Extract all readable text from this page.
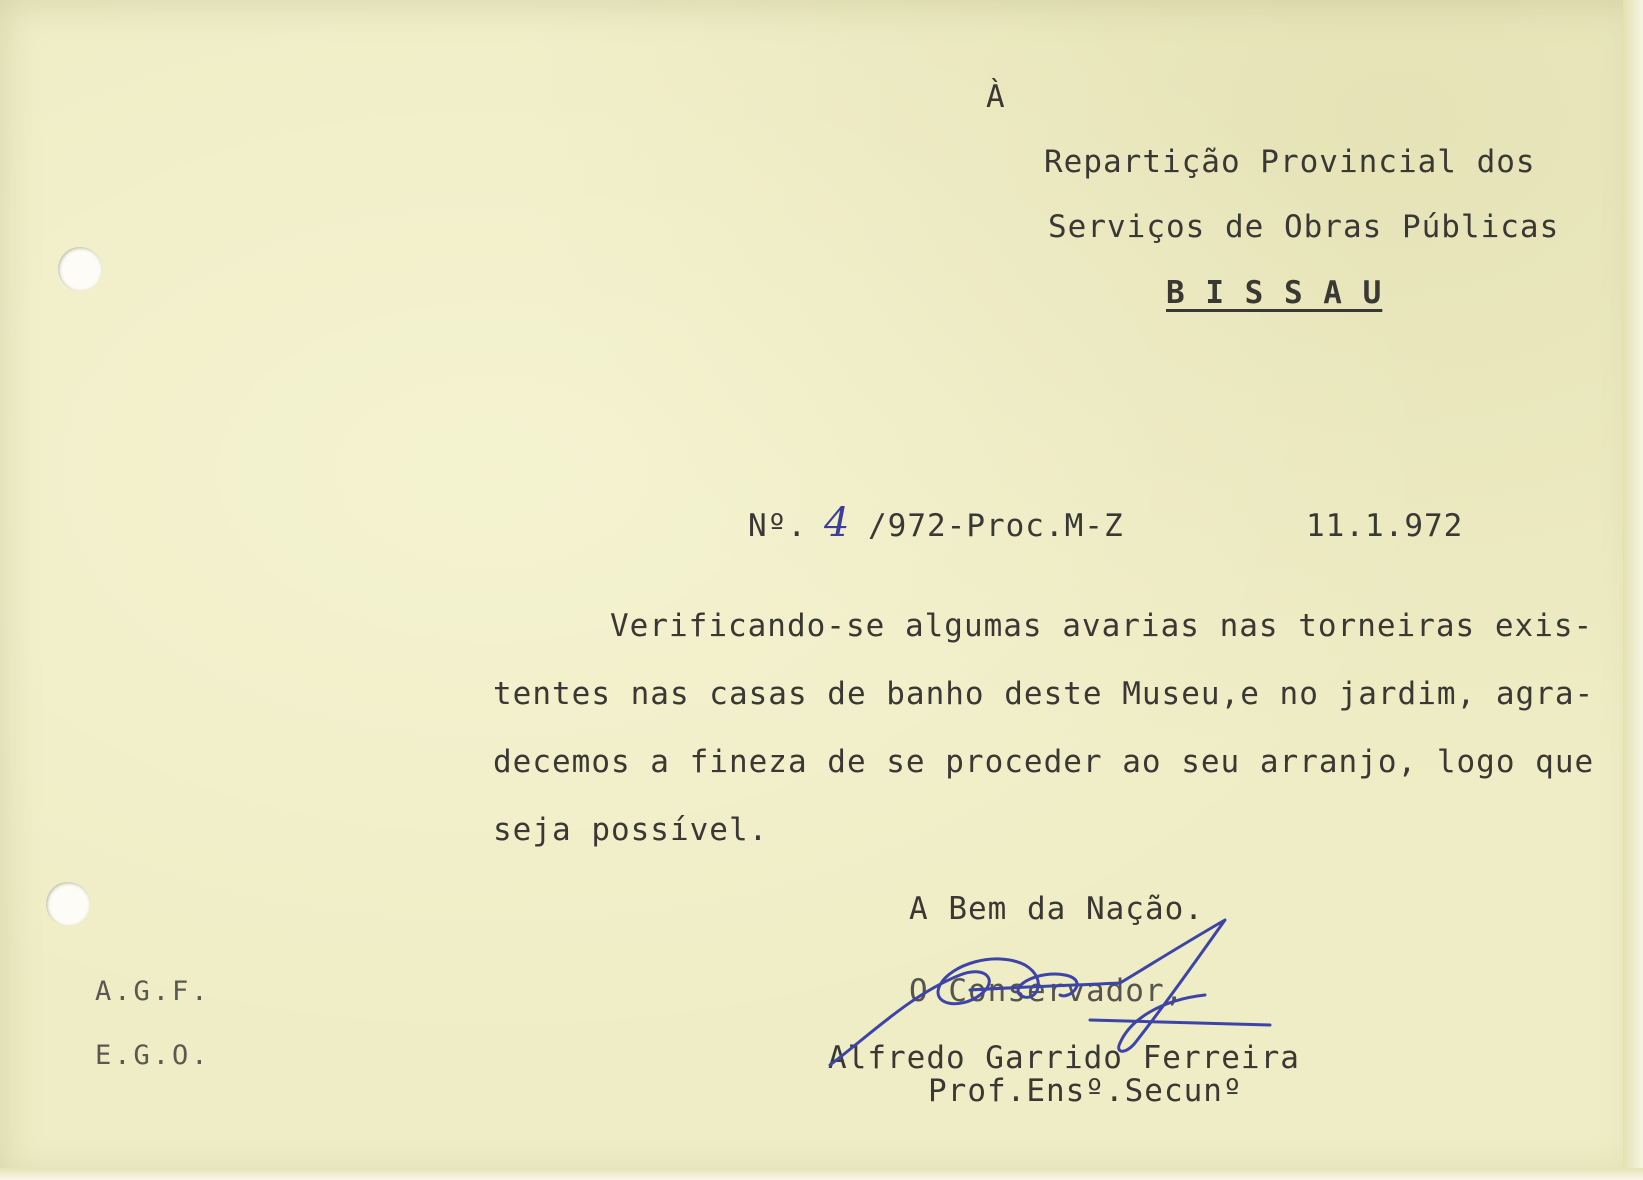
À

Repartição Provincial dos

Serviços de Obras Públicas

B I S S A U

Nº. 4 /972-Proc.M-Z	11.1.972

Verificando-se algumas avarias nas torneiras exis-

tentes nas casas de banho deste Museu,e no jardim, agra-

decemos a fineza de se proceder ao seu arranjo, logo que

seja possível.

A Bem da Nação.

O Conservador,

Alfredo Garrido Ferreira

Prof.Ensº.Secunº

A.G.F.

E.G.O.
